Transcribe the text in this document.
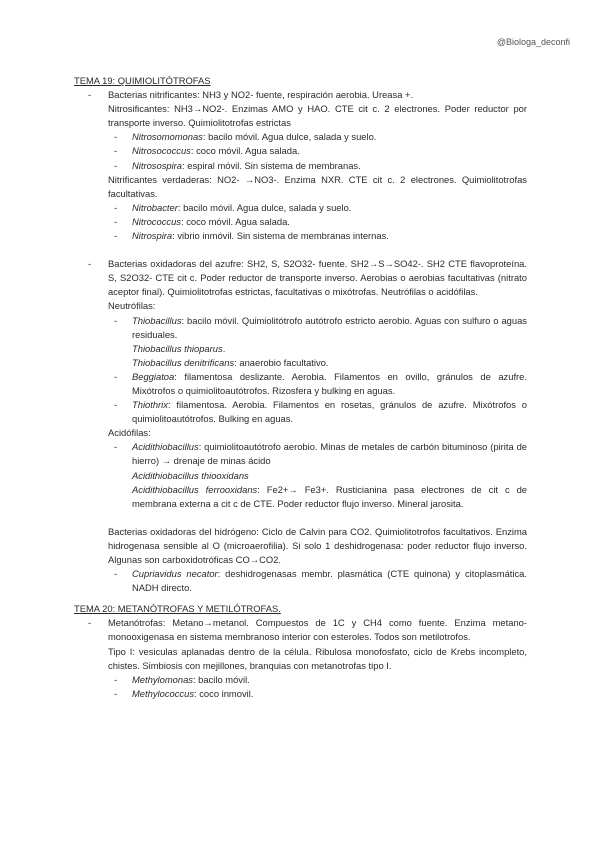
@Biologa_deconfi

TEMA 19: QUIMIOLITÓTROFAS

- Bacterias nitrificantes: NH3 y NO2- fuente, respiración aerobia. Ureasa +.
Nitrosificantes: NH3→NO2-. Enzimas AMO y HAO. CTE cit c. 2 electrones. Poder reductor por transporte inverso. Quimiolitotrofas estrictas
- Nitrosomomonas: bacilo móvil. Agua dulce, salada y suelo.
- Nitrosococcus: coco móvil. Agua salada.
- Nitrosospira: espiral móvil. Sin sistema de membranas.
Nitrificantes verdaderas: NO2- →NO3-. Enzima NXR. CTE cit c. 2 electrones. Quimiolitotrofas facultativas.
- Nitrobacter: bacilo móvil. Agua dulce, salada y suelo.
- Nitrococcus: coco móvil. Agua salada.
- Nitrospira: vibrio inmóvil. Sin sistema de membranas internas.
- Bacterias oxidadoras del azufre: SH2, S, S2O32- fuente. SH2→S→SO42-. SH2 CTE flavoproteína. S, S2O32- CTE cit c. Poder reductor de transporte inverso. Aerobias o aerobias facultativas (nitrato aceptor final). Quimiolitotrofas estrictas, facultativas o mixótrofas. Neutrófilas o acidófilas.
Neutrófilas:
- Thiobacillus: bacilo móvil. Quimiolitótrofo autótrofo estricto aerobio. Aguas con sulfuro o aguas residuales.
Thiobacillus thioparus.
Thiobacillus denitrificans: anaerobio facultativo.
- Beggiatoa: filamentosa deslizante. Aerobia. Filamentos en ovillo, gránulos de azufre. Mixótrofos o quimiolitoautótrofos. Rizosfera y bulking en aguas.
- Thiothrix: filamentosa. Aerobia. Filamentos en rosetas, gránulos de azufre. Mixótrofos o quimiolitoautótrofos. Bulking en aguas.
Acidófilas:
- Acidithiobacillus: quimiolitoautótrofo aerobio. Minas de metales de carbón bituminoso (pirita de hierro) → drenaje de minas ácido
Acidithiobacillus thiooxidans
Acidithiobacillus ferrooxidans: Fe2+→ Fe3+. Rusticianina pasa electrones de cit c de membrana externa a cit c de CTE. Poder reductor flujo inverso. Mineral jarosita.
Bacterias oxidadoras del hidrógeno: Ciclo de Calvin para CO2. Quimiolitotrofos facultativos. Enzima hidrogenasa sensible al O (microaerofilia). Si solo 1 deshidrogenasa: poder reductor flujo inverso. Algunas son carboxidotróficas CO→CO2.
- Cupriavidus necator: deshidrogenasas membr. plasmática (CTE quinona) y citoplasmática. NADH directo.

TEMA 20: METANÓTROFAS Y METILÓTROFAS.

- Metanótrofas: Metano→metanol. Compuestos de 1C y CH4 como fuente. Enzima metano-monooxigenasa en sistema membranoso interior con esteroles. Todos son metilotrofos.
Tipo I: vesiculas aplanadas dentro de la célula. Ribulosa monofosfato, ciclo de Krebs incompleto, chistes. Simbiosis con mejillones, branquias con metanotrofas tipo I.
- Methylomonas: bacilo móvil.
- Methylococcus: coco inmovil.
